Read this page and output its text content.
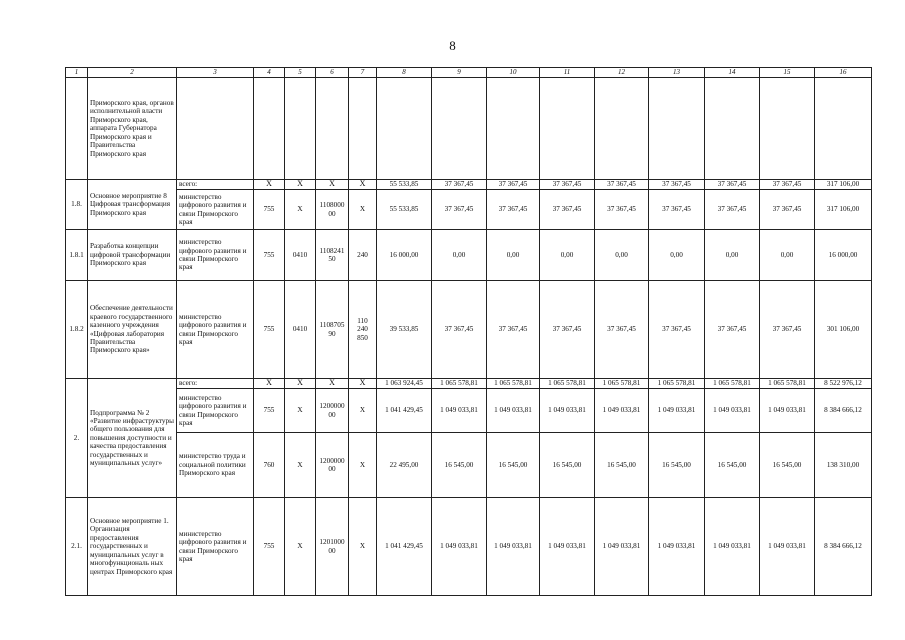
8
1	2	3	4	5	6	7	8	9	10	11	12	13	14	15	16
	Приморского края, органов исполнительной власти Приморского края, аппарата Губернатора Приморского края и Правительства Приморского края														
1.8.	Основное мероприятие 8 Цифровая трансформация Приморского края	всего:	Х	Х	Х	Х	55 533,85	37 367,45	37 367,45	37 367,45	37 367,45	37 367,45	37 367,45	37 367,45	317 106,00
		министерство цифрового развития и связи Приморского края	755	Х	1108000 00	Х	55 533,85	37 367,45	37 367,45	37 367,45	37 367,45	37 367,45	37 367,45	37 367,45	317 106,00
1.8.1	Разработка концепции цифровой трансформации Приморского края	министерство цифрового развития и связи Приморского края	755	0410	1108241 50	240	16 000,00	0,00	0,00	0,00	0,00	0,00	0,00	0,00	16 000,00
1.8.2	Обеспечение деятельности краевого государственного казенного учреждения «Цифровая лаборатория Правительства Приморского края»	министерство цифрового развития и связи Приморского края	755	0410	1108705 90	110 240 850	39 533,85	37 367,45	37 367,45	37 367,45	37 367,45	37 367,45	37 367,45	37 367,45	301 106,00
2.	Подпрограмма № 2 «Развитие инфраструктуры общего пользования для повышения доступности и качества предоставления государственных и муниципальных услуг»	всего:	Х	Х	Х	Х	1 063 924,45	1 065 578,81	1 065 578,81	1 065 578,81	1 065 578,81	1 065 578,81	1 065 578,81	1 065 578,81	8 522 976,12
		министерство цифрового развития и связи Приморского края	755	Х	1200000 00	Х	1 041 429,45	1 049 033,81	1 049 033,81	1 049 033,81	1 049 033,81	1 049 033,81	1 049 033,81	1 049 033,81	8 384 666,12
		министерство труда и социальной политики Приморского края	760	Х	1200000 00	Х	22 495,00	16 545,00	16 545,00	16 545,00	16 545,00	16 545,00	16 545,00	16 545,00	138 310,00
2.1.	Основное мероприятие 1. Организация предоставления государственных и муниципальных услуг в многофункциональ ных центрах Приморского края	министерство цифрового развития и связи Приморского края	755	Х	1201000 00	Х	1 041 429,45	1 049 033,81	1 049 033,81	1 049 033,81	1 049 033,81	1 049 033,81	1 049 033,81	1 049 033,81	8 384 666,12
